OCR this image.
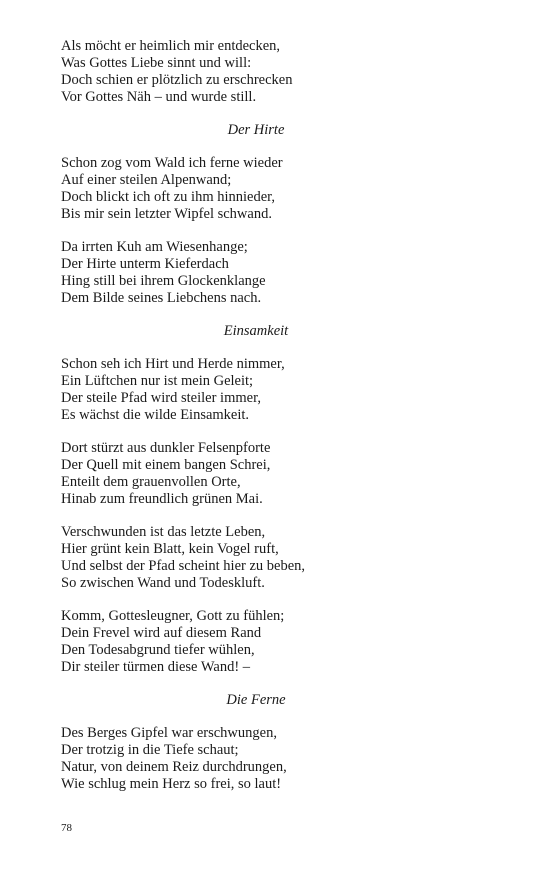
Als möcht er heimlich mir entdecken,
Was Gottes Liebe sinnt und will:
Doch schien er plötzlich zu erschrecken
Vor Gottes Näh – und wurde still.
Der Hirte
Schon zog vom Wald ich ferne wieder
Auf einer steilen Alpenwand;
Doch blickt ich oft zu ihm hinnieder,
Bis mir sein letzter Wipfel schwand.
Da irrten Kuh am Wiesenhange;
Der Hirte unterm Kieferdach
Hing still bei ihrem Glockenklange
Dem Bilde seines Liebchens nach.
Einsamkeit
Schon seh ich Hirt und Herde nimmer,
Ein Lüftchen nur ist mein Geleit;
Der steile Pfad wird steiler immer,
Es wächst die wilde Einsamkeit.
Dort stürzt aus dunkler Felsenpforte
Der Quell mit einem bangen Schrei,
Enteilt dem grauenvollen Orte,
Hinab zum freundlich grünen Mai.
Verschwunden ist das letzte Leben,
Hier grünt kein Blatt, kein Vogel ruft,
Und selbst der Pfad scheint hier zu beben,
So zwischen Wand und Todeskluft.
Komm, Gottesleugner, Gott zu fühlen;
Dein Frevel wird auf diesem Rand
Den Todesabgrund tiefer wühlen,
Dir steiler türmen diese Wand! –
Die Ferne
Des Berges Gipfel war erschwungen,
Der trotzig in die Tiefe schaut;
Natur, von deinem Reiz durchdrungen,
Wie schlug mein Herz so frei, so laut!
78
